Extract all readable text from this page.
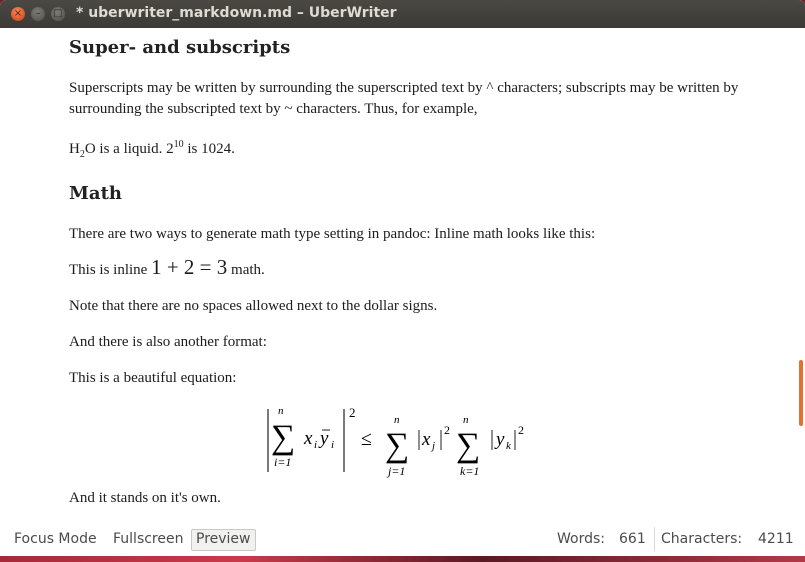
× – □ * uberwriter_markdown.md – UberWriter
Super- and subscripts
Superscripts may be written by surrounding the superscripted text by ^ characters; subscripts may be written by surrounding the subscripted text by ~ characters. Thus, for example,
$H_2O$ is a liquid. $2^{10}$ is 1024.
Math
There are two ways to generate math type setting in pandoc: Inline math looks like this:
This is inline 1 + 2 = 3 math.
Note that there are no spaces allowed next to the dollar signs.
And there is also another format:
This is a beautiful equation:
n
∑
i=1
x i y i
2
≤
n
∑
j=1
x j
2
n
∑
k=1
y k
2
And it stands on it's own.
Focus Mode Fullscreen Preview	Words: 661 Characters: 4211
